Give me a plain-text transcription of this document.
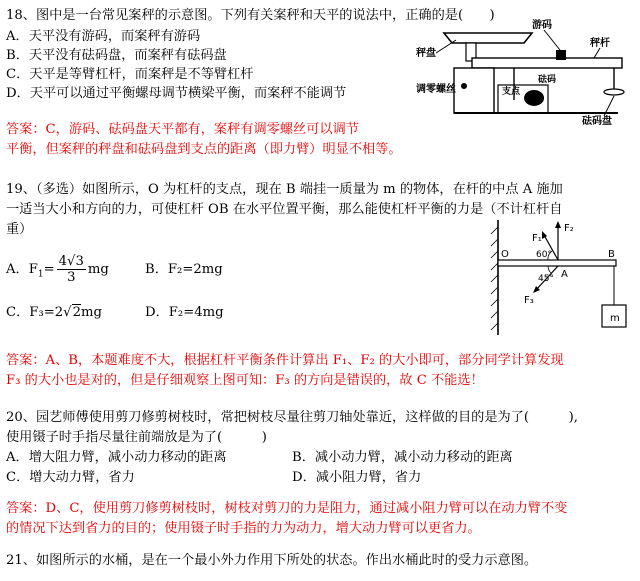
18、图中是一台常见案秤的示意图。下列有关案秤和天平的说法中，正确的是(　　)
A．天平没有游码，而案秤有游码
B．天平没有砝码盘，而案秤有砝码盘
C．天平是等臂杠杆，而案秤是不等臂杠杆
D．天平可以通过平衡螺母调节横梁平衡，而案秤不能调节
答案：C，游码、砝码盘天平都有，案秤有调零螺丝可以调节
平衡，但案秤的秤盘和砝码盘到支点的距离（即力臂）明显不相等。
秤盘
游码
秤杆
调零螺丝	支点
砝码
砝码盘
19、（多选）如图所示，O 为杠杆的支点，现在 B 端挂一质量为 m 的物体，在杆的中点 A 施加
一适当大小和方向的力，可使杠杆 OB 在水平位置平衡，那么能使杠杆平衡的力是（不计杠杆自
重）
A．$F_1= \frac{4√3}{3}$ mg	B．F₂=2mg
C．F₃=2√2mg	D．F₂=4mg
答案：A、B，本题难度不大，根据杠杆平衡条件计算出 F₁、F₂ 的大小即可，部分同学计算发现
F₃ 的大小也是对的，但是仔细观察上图可知：F₃ 的方向是错误的，故 C 不能选！
m
O
A
B
F₁
F₂
F₃
60°
45°
20、园艺师傅使用剪刀修剪树枝时，常把树枝尽量往剪刀轴处靠近，这样做的目的是为了(　　　),
使用镊子时手指尽量往前端放是为了(　　　)
A．增大阻力臂，减小动力移动的距离	B．减小动力臂，减小动力移动的距离
C．增大动力臂，省力	D．减小阻力臂，省力
答案：D、C，使用剪刀修剪树枝时，树枝对剪刀的力是阻力，通过减小阻力臂可以在动力臂不变
的情况下达到省力的目的；使用镊子时手指的力为动力，增大动力臂可以更省力。
21、如图所示的水桶，是在一个最小外力作用下所处的状态。作出水桶此时的受力示意图。
